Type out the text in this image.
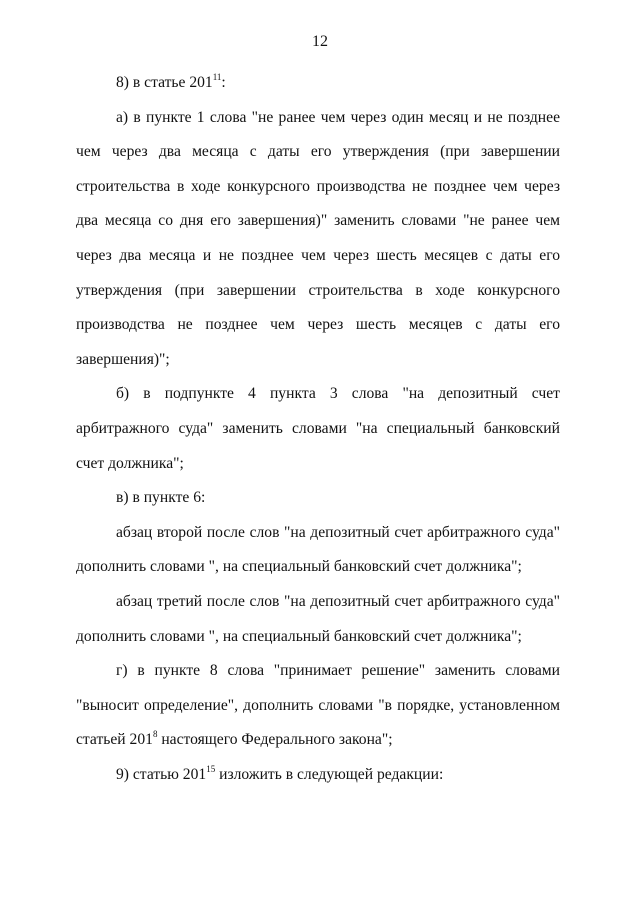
12

8) в статье $201^{11}$:

а) в пункте 1 слова "не ранее чем через один месяц и не позднее чем через два месяца с даты его утверждения (при завершении строительства в ходе конкурсного производства не позднее чем через два месяца со дня его завершения)" заменить словами "не ранее чем через два месяца и не позднее чем через шесть месяцев с даты его утверждения (при завершении строительства в ходе конкурсного производства не позднее чем через шесть месяцев с даты его завершения)";

б) в подпункте 4 пункта 3 слова "на депозитный счет арбитражного суда" заменить словами "на специальный банковский счет должника";

в) в пункте 6:

абзац второй после слов "на депозитный счет арбитражного суда" дополнить словами ", на специальный банковский счет должника";

абзац третий после слов "на депозитный счет арбитражного суда" дополнить словами ", на специальный банковский счет должника";

г) в пункте 8 слова "принимает решение" заменить словами "выносит определение", дополнить словами "в порядке, установленном статьей $201^8$ настоящего Федерального закона";

9) статью $201^{15}$ изложить в следующей редакции:
